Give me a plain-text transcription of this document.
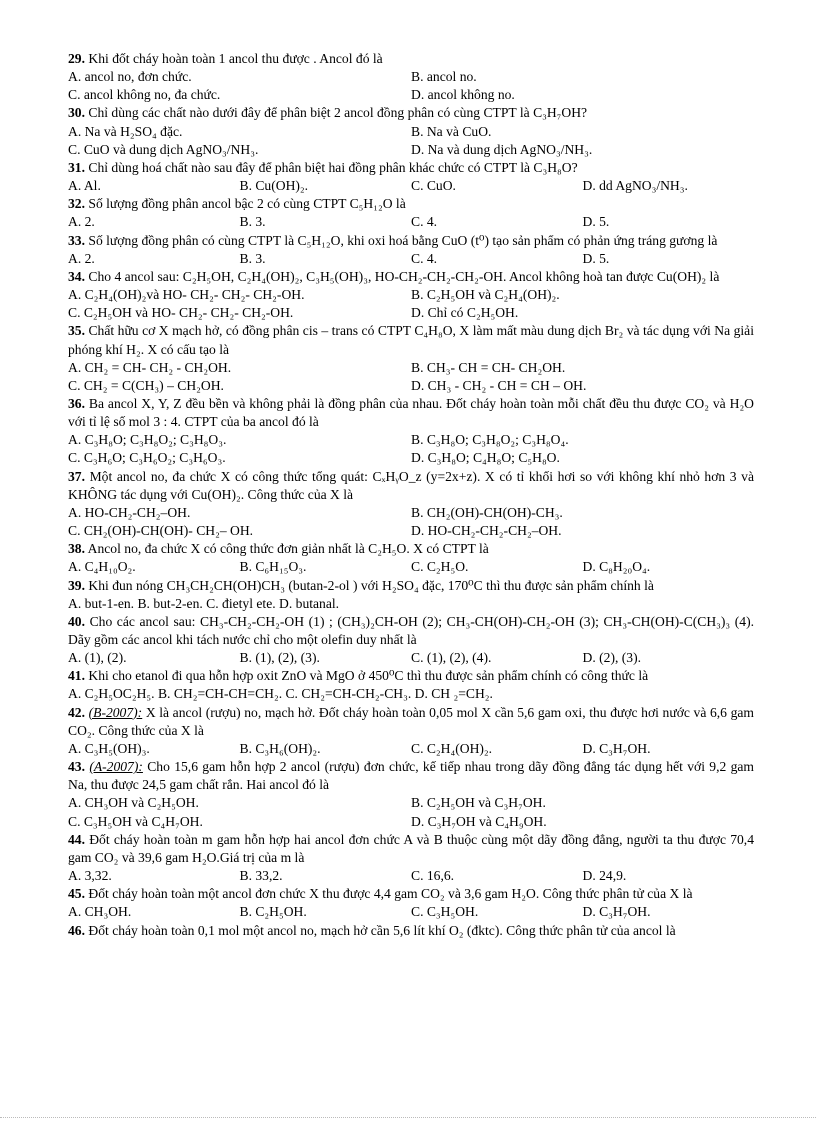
29. Khi đốt cháy hoàn toàn 1 ancol thu được . Ancol đó là
A. ancol no, đơn chức.	B. ancol no.
C. ancol không no, đa chức.	D. ancol không no.
30. Chỉ dùng các chất nào dưới đây để phân biệt 2 ancol đồng phân có cùng CTPT là C₃H₇OH?
A. Na và H₂SO₄ đặc.	B. Na và CuO.
C. CuO và dung dịch AgNO₃/NH₃.	D. Na và dung dịch AgNO₃/NH₃.
31. Chỉ dùng hoá chất nào sau đây để phân biệt hai đồng phân khác chức có CTPT là C₃H₈O?
A. Al.	B. Cu(OH)₂.	C. CuO.	D. dd AgNO₃/NH₃.
32. Số lượng đồng phân ancol bậc 2 có cùng CTPT C₅H₁₂O là
A. 2.	B. 3.	C. 4.	D. 5.
33. Số lượng đồng phân có cùng CTPT là C₅H₁₂O, khi oxi hoá bằng CuO (t⁰) tạo sản phẩm có phản ứng tráng gương là
A. 2.	B. 3.	C. 4.	D. 5.
34. Cho 4 ancol sau: C₂H₅OH, C₂H₄(OH)₂, C₃H₅(OH)₃, HO-CH₂-CH₂-CH₂-OH. Ancol không hoà tan được Cu(OH)₂ là
A. C₂H₄(OH)₂và HO- CH₂- CH₂- CH₂-OH.	B. C₂H₅OH và C₂H₄(OH)₂.
C. C₂H₅OH và HO- CH₂- CH₂- CH₂-OH.	D. Chỉ có C₂H₅OH.
35. Chất hữu cơ X mạch hở, có đồng phân cis – trans có CTPT C₄H₈O, X làm mất màu dung dịch Br₂ và tác dụng với Na giải phóng khí H₂. X có cấu tạo là
A. CH₂ = CH- CH₂ - CH₂OH.	B. CH₃- CH = CH- CH₂OH.
C. CH₂ = C(CH₃) – CH₂OH.	D. CH₃ - CH₂ - CH = CH – OH.
36. Ba ancol X, Y, Z đều bền và không phải là đồng phân của nhau. Đốt cháy hoàn toàn mỗi chất đều thu được CO₂ và H₂O với tỉ lệ số mol 3 : 4. CTPT của ba ancol đó là
A. C₃H₈O; C₃H₈O₂; C₃H₈O₃.	B. C₃H₈O; C₃H₈O₂; C₃H₈O₄.
C. C₃H₆O; C₃H₆O₂; C₃H₆O₃.	D. C₃H₈O; C₄H₈O; C₅H₈O.
37. Một ancol no, đa chức X có công thức tổng quát: CₓHᵧO_z (y=2x+z). X có tỉ khối hơi so với không khí nhỏ hơn 3 và KHÔNG tác dụng với Cu(OH)₂. Công thức của X là
A. HO-CH₂-CH₂–OH.	B. CH₂(OH)-CH(OH)-CH₃.
C. CH₂(OH)-CH(OH)- CH₂– OH.	D. HO-CH₂-CH₂-CH₂–OH.
38. Ancol no, đa chức X có công thức đơn giản nhất là C₂H₅O. X có CTPT là
A. C₄H₁₀O₂.	B. C₆H₁₅O₃.	C. C₂H₅O.	D. C₈H₂₀O₄.
39. Khi đun nóng CH₃CH₂CH(OH)CH₃ (butan-2-ol ) với H₂SO₄ đặc, 170⁰C thì thu được sản phẩm chính là
A. but-1-en. B. but-2-en. C. đietyl ete. D. butanal.
40. Cho các ancol sau: CH₃-CH₂-CH₂-OH (1) ; (CH₃)₂CH-OH (2); CH₃-CH(OH)-CH₂-OH (3); CH₃-CH(OH)-C(CH₃)₃ (4). Dãy gồm các ancol khi tách nước chỉ cho một olefin duy nhất là
A. (1), (2).	B. (1), (2), (3).	C. (1), (2), (4).	D. (2), (3).
41. Khi cho etanol đi qua hỗn hợp oxit ZnO và MgO ở 450⁰C thì thu được sản phẩm chính có công thức là
A. C₂H₅OC₂H₅. B. CH₂=CH-CH=CH₂. C. CH₂=CH-CH₂-CH₃. D. CH ₂=CH₂.
42. (B-2007): X là ancol (rượu) no, mạch hở. Đốt cháy hoàn toàn 0,05 mol X cần 5,6 gam oxi, thu được hơi nước và 6,6 gam CO₂. Công thức của X là
A. C₃H₅(OH)₃.	B. C₃H₆(OH)₂.	C. C₂H₄(OH)₂.	D. C₃H₇OH.
43. (A-2007): Cho 15,6 gam hỗn hợp 2 ancol (rượu) đơn chức, kế tiếp nhau trong dãy đồng đẳng tác dụng hết với 9,2 gam Na, thu được 24,5 gam chất rắn. Hai ancol đó là
A. CH₃OH và C₂H₅OH.	B. C₂H₅OH và C₃H₇OH.
C. C₃H₅OH và C₄H₇OH.	D. C₃H₇OH và C₄H₉OH.
44. Đốt cháy hoàn toàn m gam hỗn hợp hai ancol đơn chức A và B thuộc cùng một dãy đồng đẳng, người ta thu được 70,4 gam CO₂ và 39,6 gam H₂O.Giá trị của m là
A. 3,32.	B. 33,2.	C. 16,6.	D. 24,9.
45. Đốt cháy hoàn toàn một ancol đơn chức X thu được 4,4 gam CO₂ và 3,6 gam H₂O. Công thức phân tử của X là
A. CH₃OH.	B. C₂H₅OH.	C. C₃H₅OH.	D. C₃H₇OH.
46. Đốt cháy hoàn toàn 0,1 mol một ancol no, mạch hở cần 5,6 lít khí O₂ (đktc). Công thức phân tử của ancol là
